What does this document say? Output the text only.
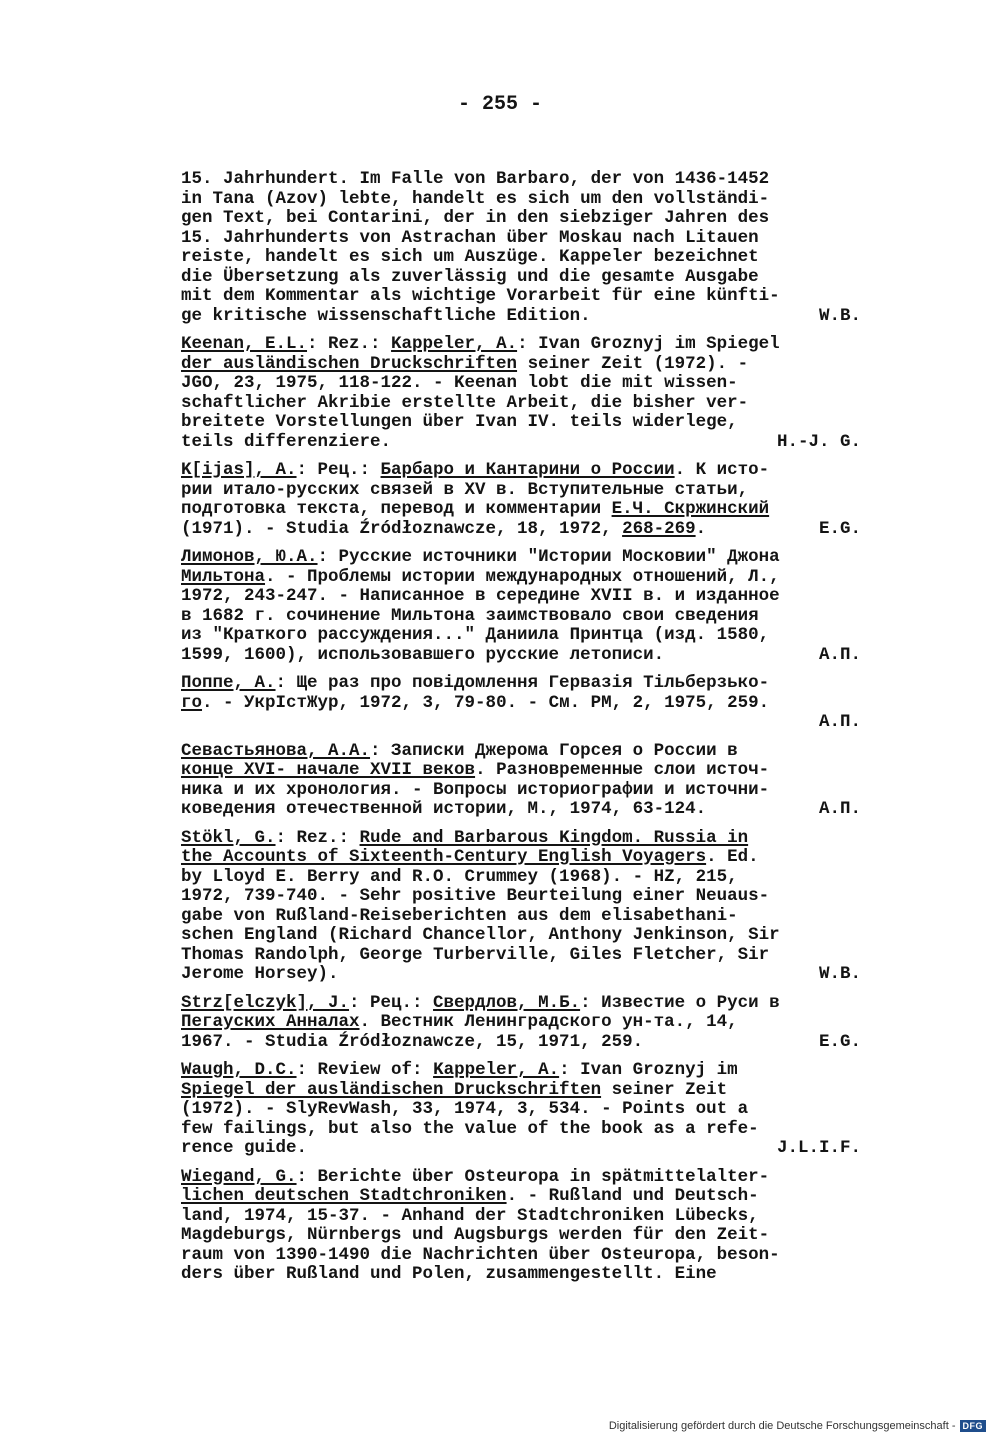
- 255 -
15. Jahrhundert. Im Falle von Barbaro, der von 1436-1452
in Tana (Azov) lebte, handelt es sich um den vollständi-
gen Text, bei Contarini, der in den siebziger Jahren des
15. Jahrhunderts von Astrachan über Moskau nach Litauen
reiste, handelt es sich um Auszüge. Kappeler bezeichnet
die Übersetzung als zuverlässig und die gesamte Ausgabe
mit dem Kommentar als wichtige Vorarbeit für eine künfti-
ge kritische wissenschaftliche Edition.	W.B.
Keenan, E.L.: Rez.: Kappeler, A.: Ivan Groznyj im Spiegel
der ausländischen Druckschriften seiner Zeit (1972). -
JGO, 23, 1975, 118-122. - Keenan lobt die mit wissen-
schaftlicher Akribie erstellte Arbeit, die bisher ver-
breitete Vorstellungen über Ivan IV. teils widerlege,
teils differenziere.	H.-J. G.
K[ijas], A.: Рец.: Барбаро и Кантарини о России. К исто-
рии итало-русских связей в XV в. Вступительные статьи,
подготовка текста, перевод и комментарии Е.Ч. Скржинский
(1971). - Studia Źródłoznawcze, 18, 1972, 268-269.	E.G.
Лимонов, Ю.А.: Русские источники "Истории Московии" Джона
Мильтона. - Проблемы истории международных отношений, Л.,
1972, 243-247. - Написанное в середине XVII в. и изданное
в 1682 г. сочинение Мильтона заимствовало свои сведения
из "Краткого рассуждения..." Даниила Принтца (изд. 1580,
1599, 1600), использовавшего русские летописи.	А.П.
Поппе, А.: Ще раз про повідомлення Гервазія Тільберзько-
го. - УкрІстЖур, 1972, 3, 79-80. - См. РМ, 2, 1975, 259.
А.П.
Севастьянова, А.А.: Записки Джерома Горсея о России в
конце XVI- начале XVII веков. Разновременные слои источ-
ника и их хронология. - Вопросы историографии и источни-
коведения отечественной истории, М., 1974, 63-124.	А.П.
Stökl, G.: Rez.: Rude and Barbarous Kingdom. Russia in
the Accounts of Sixteenth-Century English Voyagers. Ed.
by Lloyd E. Berry and R.O. Crummey (1968). - HZ, 215,
1972, 739-740. - Sehr positive Beurteilung einer Neuaus-
gabe von Rußland-Reiseberichten aus dem elisabethani-
schen England (Richard Chancellor, Anthony Jenkinson, Sir
Thomas Randolph, George Turberville, Giles Fletcher, Sir
Jerome Horsey).	W.B.
Strz[elczyk], J.: Рец.: Свердлов, М.Б.: Известие о Руси в
Пегауских Анналах. Вестник Ленинградского ун-та., 14,
1967. - Studia Źródłoznawcze, 15, 1971, 259.	E.G.
Waugh, D.C.: Review of: Kappeler, A.: Ivan Groznyj im
Spiegel der ausländischen Druckschriften seiner Zeit
(1972). - SlyRevWash, 33, 1974, 3, 534. - Points out a
few failings, but also the value of the book as a refe-
rence guide.	J.L.I.F.
Wiegand, G.: Berichte über Osteuropa in spätmittelalter-
lichen deutschen Stadtchroniken. - Rußland und Deutsch-
land, 1974, 15-37. - Anhand der Stadtchroniken Lübecks,
Magdeburgs, Nürnbergs und Augsburgs werden für den Zeit-
raum von 1390-1490 die Nachrichten über Osteuropa, beson-
ders über Rußland und Polen, zusammengestellt. Eine
Digitalisierung gefördert durch die Deutsche Forschungsgemeinschaft - DFG
